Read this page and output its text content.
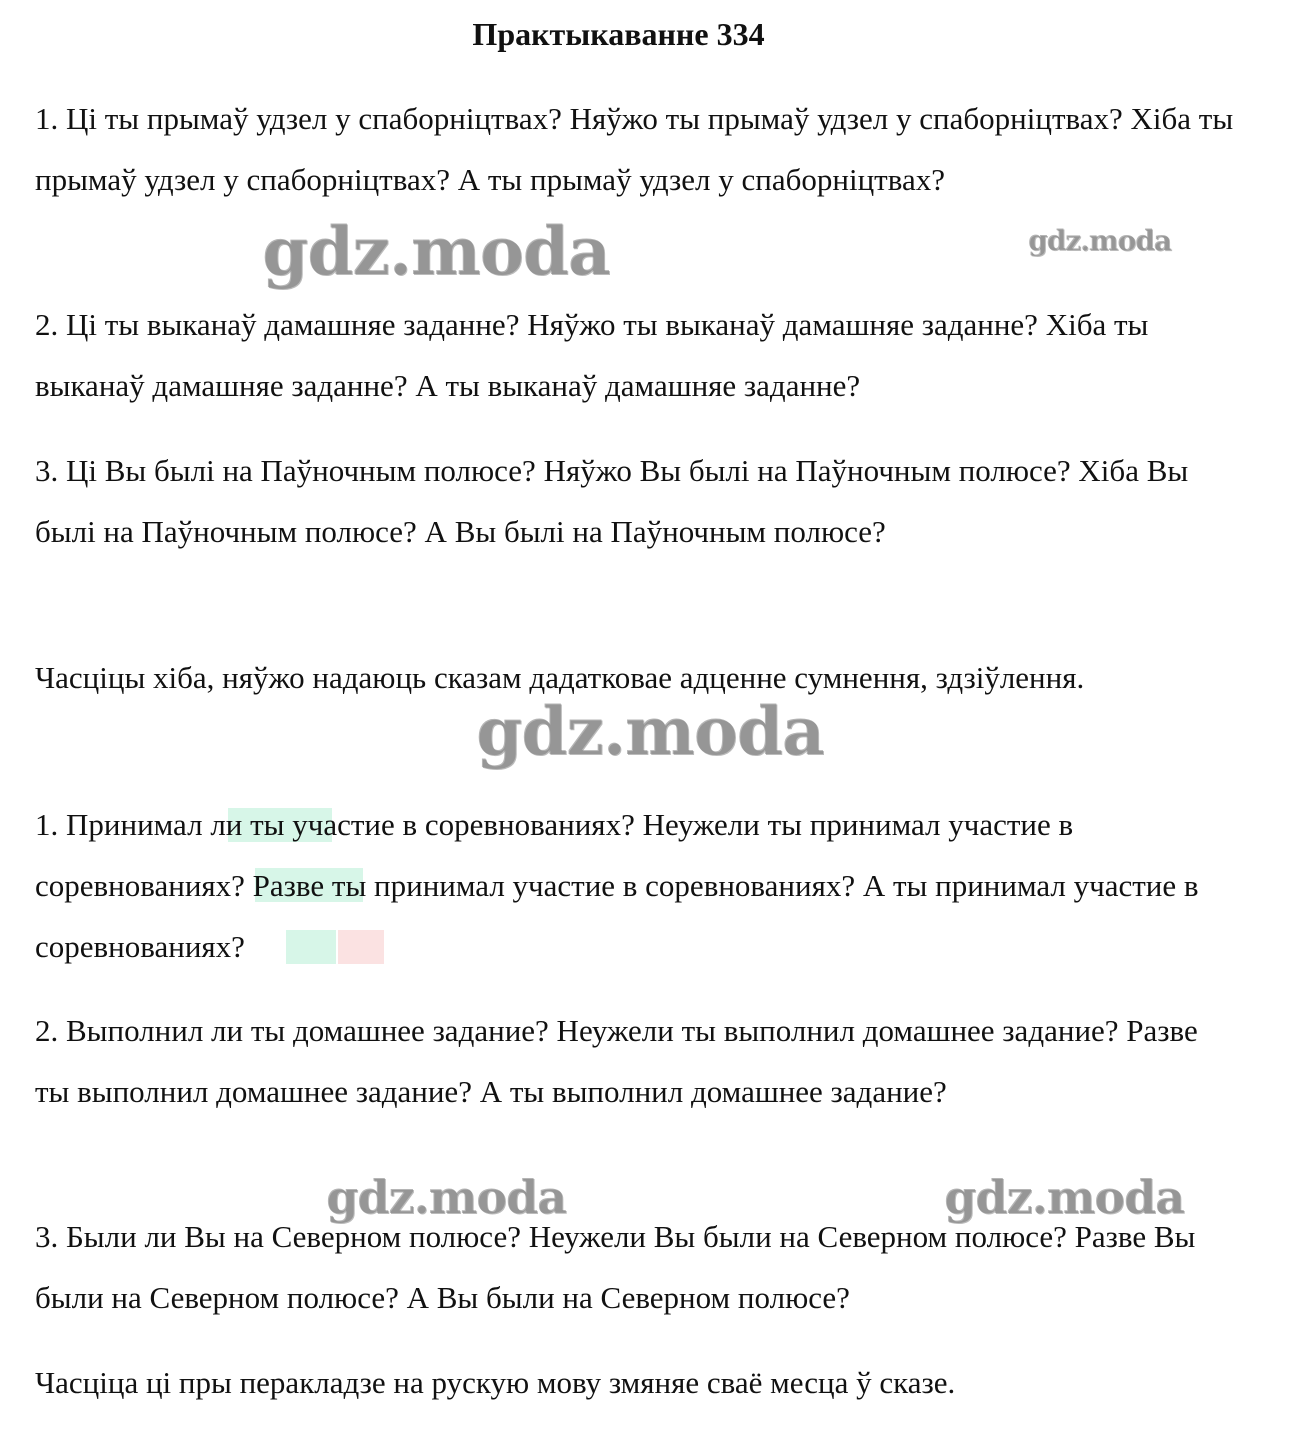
Практыкаванне 334

1. Ці ты прымаў удзел у спаборніцтвах? Няўжо ты прымаў удзел у спаборніцтвах? Хіба ты прымаў удзел у спаборніцтвах? А ты прымаў удзел у спаборніцтвах?

2. Ці ты выканаў дамашняе заданне? Няўжо ты выканаў дамашняе заданне? Хіба ты выканаў дамашняе заданне? А ты выканаў дамашняе заданне?

3. Ці Вы былі на Паўночным полюсе? Няўжо Вы былі на Паўночным полюсе? Хіба Вы былі на Паўночным полюсе? А Вы былі на Паўночным полюсе?

Часціцы хіба, няўжо надаюць сказам дадатковае адценне сумнення, здзіўлення.

1. Принимал ли ты участие в соревнованиях? Неужели ты принимал участие в соревнованиях? Разве ты принимал участие в соревнованиях? А ты принимал участие в соревнованиях?

2. Выполнил ли ты домашнее задание? Неужели ты выполнил домашнее задание? Разве ты выполнил домашнее задание? А ты выполнил домашнее задание?

3. Были ли Вы на Северном полюсе? Неужели Вы были на Северном полюсе? Разве Вы были на Северном полюсе? А Вы были на Северном полюсе?

Часціца ці пры перакладзе на рускую мову змяняе сваё месца ў сказе.

gdz.moda	gdz.moda
gdz.moda
gdz.moda	gdz.moda
